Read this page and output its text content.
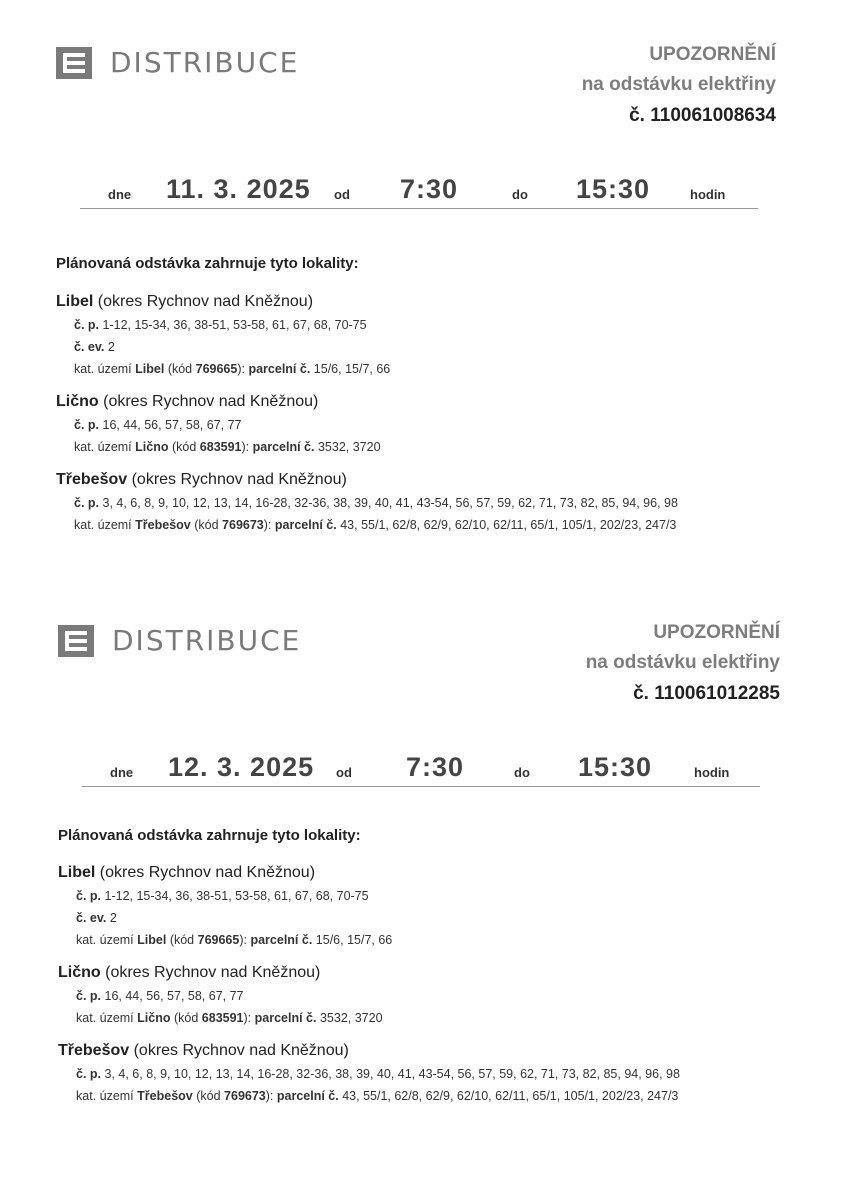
DISTRIBUCE	UPOZORNĚNÍ
na odstávku elektřiny
č. 110061008634
dne 11. 3. 2025 od 7:30	do 15:30	hodin
Plánovaná odstávka zahrnuje tyto lokality:
Libel (okres Rychnov nad Kněžnou)
č. p. 1-12, 15-34, 36, 38-51, 53-58, 61, 67, 68, 70-75
č. ev. 2
kat. území Libel (kód 769665): parcelní č. 15/6, 15/7, 66
Lično (okres Rychnov nad Kněžnou)
č. p. 16, 44, 56, 57, 58, 67, 77
kat. území Lično (kód 683591): parcelní č. 3532, 3720
Třebešov (okres Rychnov nad Kněžnou)
č. p. 3, 4, 6, 8, 9, 10, 12, 13, 14, 16-28, 32-36, 38, 39, 40, 41, 43-54, 56, 57, 59, 62, 71, 73, 82, 85, 94, 96, 98
kat. území Třebešov (kód 769673): parcelní č. 43, 55/1, 62/8, 62/9, 62/10, 62/11, 65/1, 105/1, 202/23, 247/3
DISTRIBUCE	UPOZORNĚNÍ
na odstávku elektřiny
č. 110061012285
dne 12. 3. 2025 od 7:30	do 15:30	hodin
Plánovaná odstávka zahrnuje tyto lokality:
Libel (okres Rychnov nad Kněžnou)
č. p. 1-12, 15-34, 36, 38-51, 53-58, 61, 67, 68, 70-75
č. ev. 2
kat. území Libel (kód 769665): parcelní č. 15/6, 15/7, 66
Lično (okres Rychnov nad Kněžnou)
č. p. 16, 44, 56, 57, 58, 67, 77
kat. území Lično (kód 683591): parcelní č. 3532, 3720
Třebešov (okres Rychnov nad Kněžnou)
č. p. 3, 4, 6, 8, 9, 10, 12, 13, 14, 16-28, 32-36, 38, 39, 40, 41, 43-54, 56, 57, 59, 62, 71, 73, 82, 85, 94, 96, 98
kat. území Třebešov (kód 769673): parcelní č. 43, 55/1, 62/8, 62/9, 62/10, 62/11, 65/1, 105/1, 202/23, 247/3
